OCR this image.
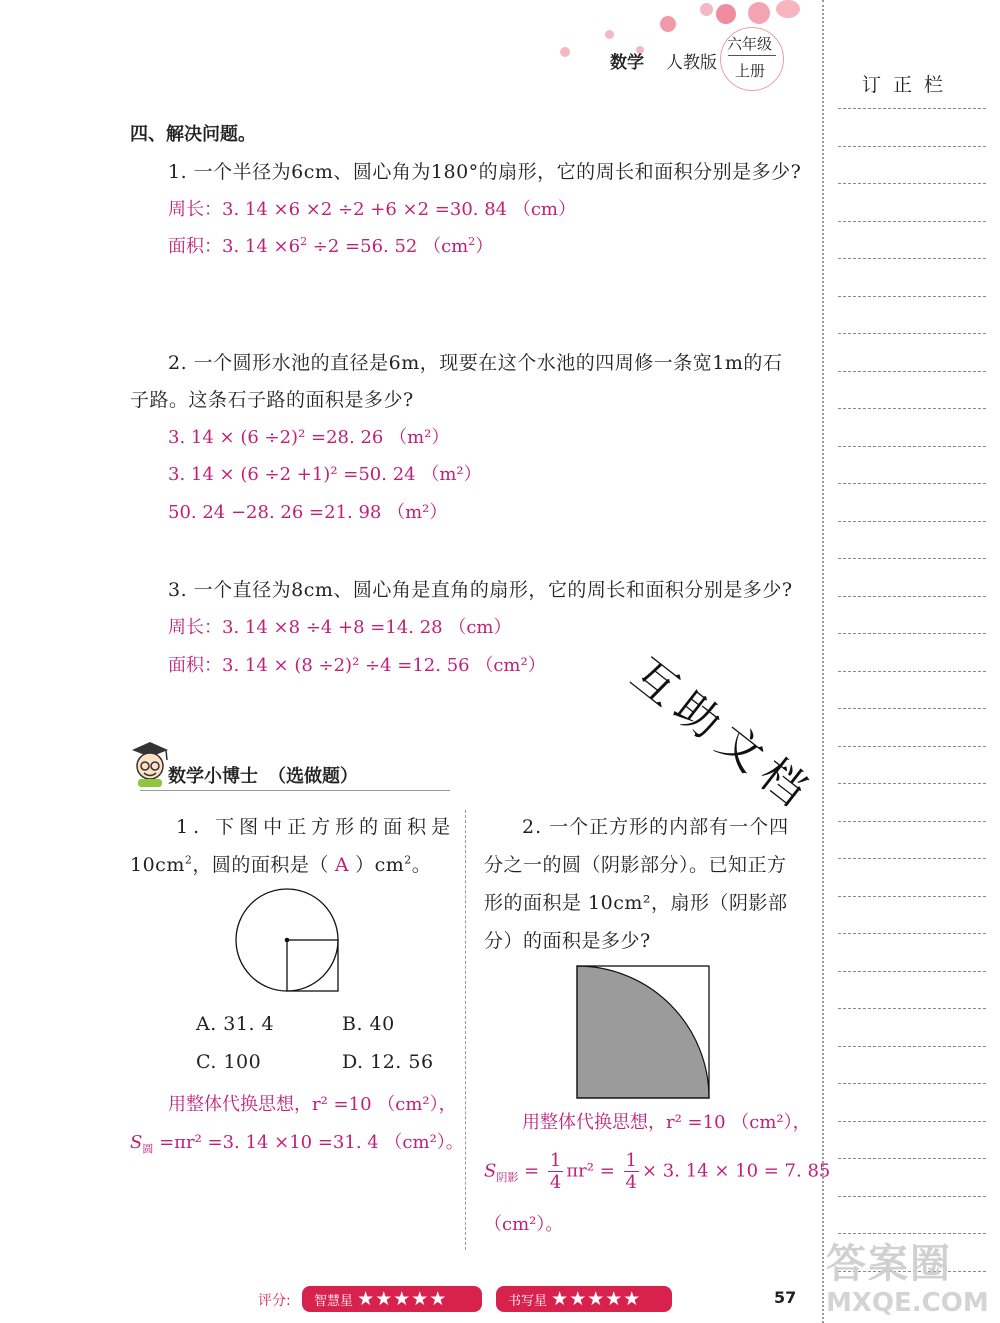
数学 人教版
六年级
上册
订正栏
四、解决问题。
1. 一个半径为6cm、圆心角为180°的扇形，它的周长和面积分别是多少?
周长：3. 14 ×6 ×2 ÷2 +6 ×2 =30. 84 （cm）
面积：3. $14 \times 6^2 \div 2 =56$. 52 $(cm^2)$
2. 一个圆形水池的直径是6m，现要在这个水池的四周修一条宽1m的石
子路。这条石子路的面积是多少?
3. 14 × (6 ÷2)² =28. 26 （m²）
3. 14 × (6 ÷2 +1)² =50. 24 （m²）
50. 24 −28. 26 =21. 98 （m²）
3. 一个直径为8cm、圆心角是直角的扇形，它的周长和面积分别是多少?
周长：3. 14 ×8 ÷4 +8 =14. 28 （cm）
面积：3. 14 × (8 ÷2)² ÷4 =12. 56 （cm²） 互助文档
数学小博士 （选做题）
1. 下图中正方形的面积是
$10cm^2$，圆的面积是（ A ）$cm^2$。
A. 31. 4	B. 40
C. 100	D. 12. 56
用整体代换思想，r² =10 （cm²），
$S_圆 =\pi r^2 =3$. 14 ×10 =31. 4 （cm²）。
2. 一个正方形的内部有一个四
分之一的圆（阴影部分）。已知正方
形的面积是 10cm²，扇形（阴影部
分）的面积是多少?
用整体代换思想，r² =10 （cm²），
$S_{阴影} = \frac{1}{4} \pi r^2 = \frac{1}{4} \times 3$. 14 × 10 = 7. 85
（cm²）。
评分:	智慧星 ★★★★★	书写星 ★★★★★	57
答案圈
MXQE.COM
